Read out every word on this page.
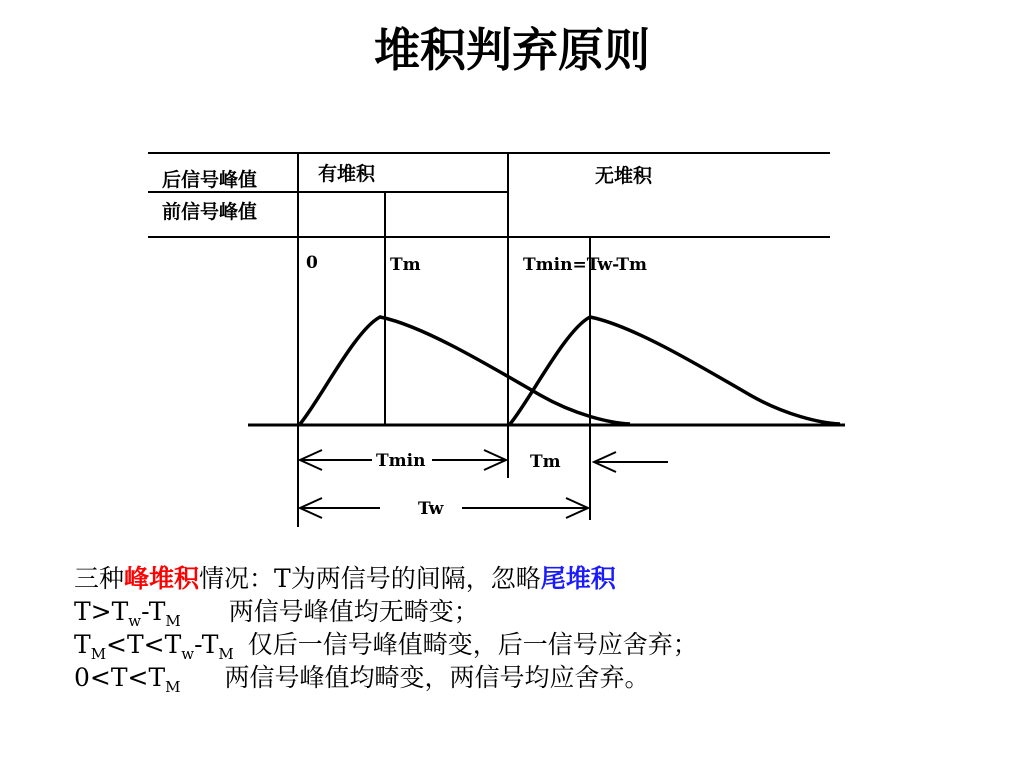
堆积判弃原则
后信号峰值
前信号峰值
有堆积	无堆积
0	Tm	Tmin=Tw-Tm
Tmin	Tm
Tw
三种峰堆积情况：T为两信号的间隔，忽略尾堆积
$T>T_w-T_M$ 两信号峰值均无畸变；
$T_M<T<T_w-T_M$ 仅后一信号峰值畸变，后一信号应舍弃；
$0<T<T_M$ 两信号峰值均畸变，两信号均应舍弃。
